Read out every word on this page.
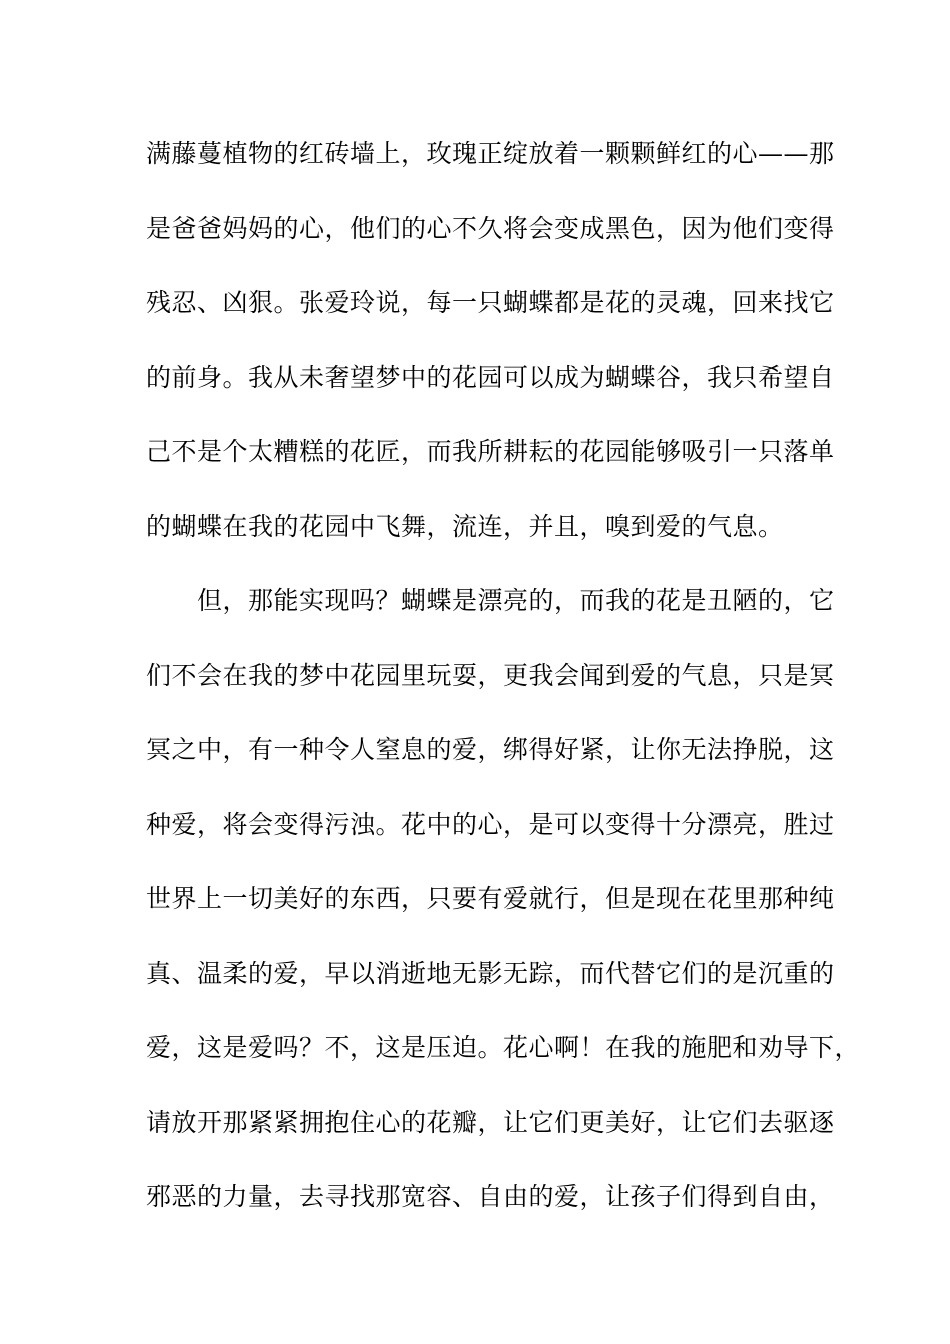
满藤蔓植物的红砖墙上，玫瑰正绽放着一颗颗鲜红的心——那
是爸爸妈妈的心，他们的心不久将会变成黑色，因为他们变得
残忍、凶狠。张爱玲说，每一只蝴蝶都是花的灵魂，回来找它
的前身。我从未奢望梦中的花园可以成为蝴蝶谷，我只希望自
己不是个太糟糕的花匠，而我所耕耘的花园能够吸引一只落单
的蝴蝶在我的花园中飞舞，流连，并且，嗅到爱的气息。
　　但，那能实现吗？蝴蝶是漂亮的，而我的花是丑陋的，它
们不会在我的梦中花园里玩耍，更我会闻到爱的气息，只是冥
冥之中，有一种令人窒息的爱，绑得好紧，让你无法挣脱，这
种爱，将会变得污浊。花中的心，是可以变得十分漂亮，胜过
世界上一切美好的东西，只要有爱就行，但是现在花里那种纯
真、温柔的爱，早以消逝地无影无踪，而代替它们的是沉重的
爱，这是爱吗？不，这是压迫。花心啊！在我的施肥和劝导下，
请放开那紧紧拥抱住心的花瓣，让它们更美好，让它们去驱逐
邪恶的力量，去寻找那宽容、自由的爱，让孩子们得到自由，
